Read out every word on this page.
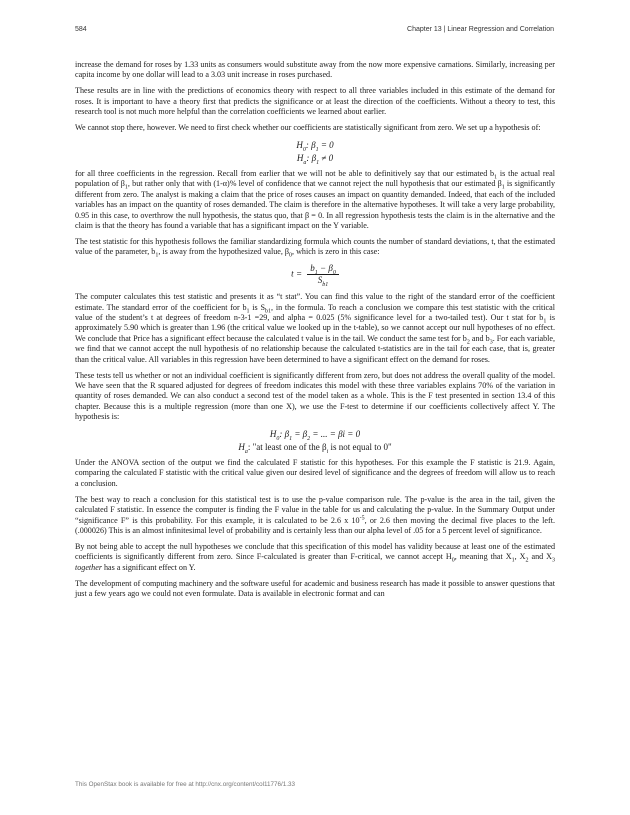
584	Chapter 13 | Linear Regression and Correlation

increase the demand for roses by 1.33 units as consumers would substitute away from the now more expensive carnations. Similarly, increasing per capita income by one dollar will lead to a 3.03 unit increase in roses purchased.

These results are in line with the predictions of economics theory with respect to all three variables included in this estimate of the demand for roses. It is important to have a theory first that predicts the significance or at least the direction of the coefficients. Without a theory to test, this research tool is not much more helpful than the correlation coefficients we learned about earlier.

We cannot stop there, however. We need to first check whether our coefficients are statistically significant from zero. We set up a hypothesis of:

$H_0$: $\beta_1 = 0$
$H_a$: $\beta_1 \ne 0$

for all three coefficients in the regression. Recall from earlier that we will not be able to definitively say that our estimated $b_1$ is the actual real population of $\beta_1$, but rather only that with (1-α)% level of confidence that we cannot reject the null hypothesis that our estimated $\beta_1$ is significantly different from zero. The analyst is making a claim that the price of roses causes an impact on quantity demanded. Indeed, that each of the included variables has an impact on the quantity of roses demanded. The claim is therefore in the alternative hypotheses. It will take a very large probability, 0.95 in this case, to overthrow the null hypothesis, the status quo, that β = 0. In all regression hypothesis tests the claim is in the alternative and the claim is that the theory has found a variable that has a significant impact on the Y variable.

The test statistic for this hypothesis follows the familiar standardizing formula which counts the number of standard deviations, t, that the estimated value of the parameter, $b_1$, is away from the hypothesized value, $\beta_0$, which is zero in this case:

$t = \frac{b_1 - \beta_0}{S_{b1}}$

The computer calculates this test statistic and presents it as “t stat”. You can find this value to the right of the standard error of the coefficient estimate. The standard error of the coefficient for $b_1$ is $S_{b1}$, in the formula. To reach a conclusion we compare this test statistic with the critical value of the student’s t at degrees of freedom n-3-1 =29, and alpha = 0.025 (5% significance level for a two-tailed test). Our t stat for $b_1$ is approximately 5.90 which is greater than 1.96 (the critical value we looked up in the t-table), so we cannot accept our null hypotheses of no effect. We conclude that Price has a significant effect because the calculated t value is in the tail. We conduct the same test for $b_2$ and $b_3$. For each variable, we find that we cannot accept the null hypothesis of no relationship because the calculated t-statistics are in the tail for each case, that is, greater than the critical value. All variables in this regression have been determined to have a significant effect on the demand for roses.

These tests tell us whether or not an individual coefficient is significantly different from zero, but does not address the overall quality of the model. We have seen that the R squared adjusted for degrees of freedom indicates this model with these three variables explains 70% of the variation in quantity of roses demanded. We can also conduct a second test of the model taken as a whole. This is the F test presented in section 13.4 of this chapter. Because this is a multiple regression (more than one X), we use the F-test to determine if our coefficients collectively affect Y. The hypothesis is:

$H_0$: $\beta_1 = \beta_2$ = ... = βi = 0
$H_a$: "at least one of the $\beta_i$ is not equal to 0"

Under the ANOVA section of the output we find the calculated F statistic for this hypotheses. For this example the F statistic is 21.9. Again, comparing the calculated F statistic with the critical value given our desired level of significance and the degrees of freedom will allow us to reach a conclusion.

The best way to reach a conclusion for this statistical test is to use the p-value comparison rule. The p-value is the area in the tail, given the calculated F statistic. In essence the computer is finding the F value in the table for us and calculating the p-value. In the Summary Output under “significance F” is this probability. For this example, it is calculated to be 2.6 x $10^{-5}$, or 2.6 then moving the decimal five places to the left. (.000026) This is an almost infinitesimal level of probability and is certainly less than our alpha level of .05 for a 5 percent level of significance.

By not being able to accept the null hypotheses we conclude that this specification of this model has validity because at least one of the estimated coefficients is significantly different from zero. Since F-calculated is greater than F-critical, we cannot accept $H_0$, meaning that $X_1$, $X_2$ and $X_3$ together has a significant effect on Y.

The development of computing machinery and the software useful for academic and business research has made it possible to answer questions that just a few years ago we could not even formulate. Data is available in electronic format and can

This OpenStax book is available for free at http://cnx.org/content/col11776/1.33
